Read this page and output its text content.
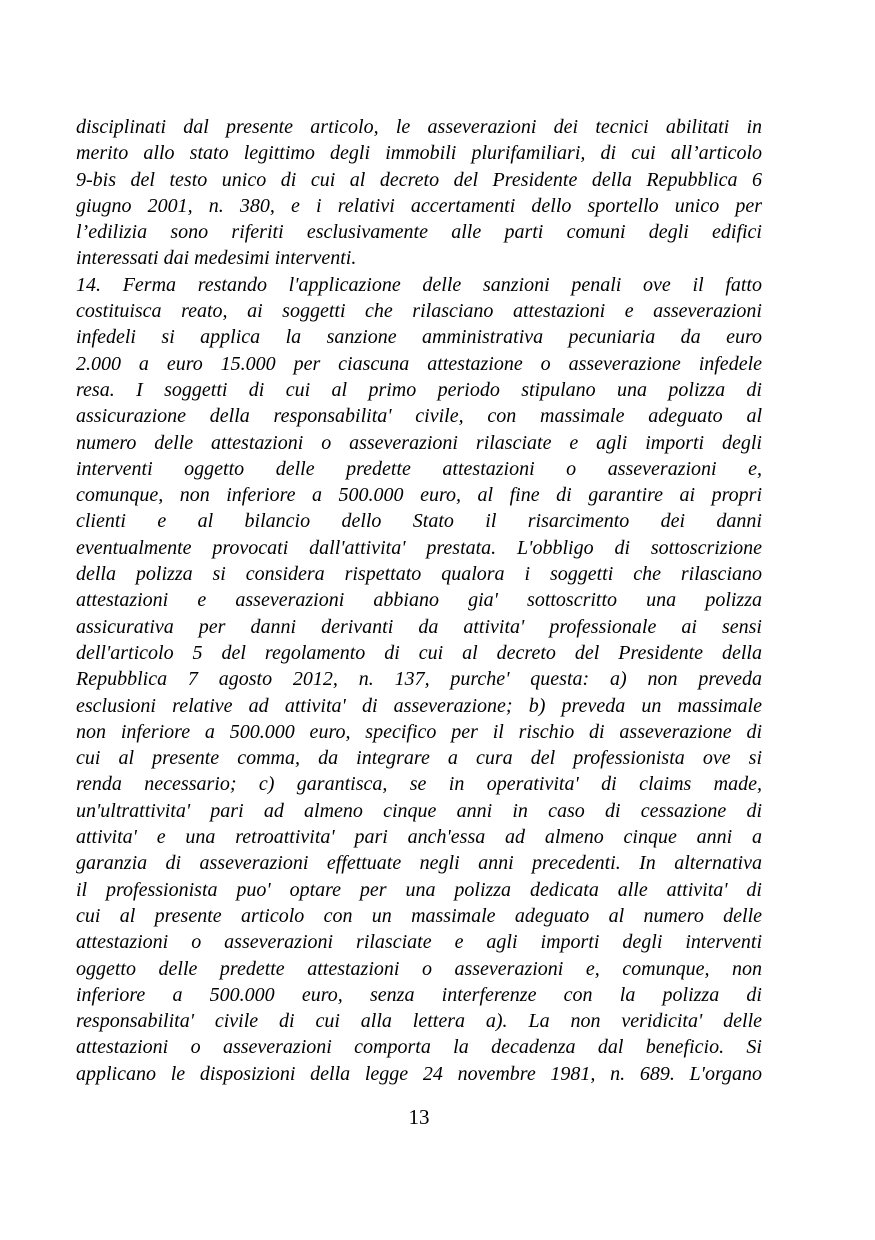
disciplinati dal presente articolo, le asseverazioni dei tecnici abilitati in
merito allo stato legittimo degli immobili plurifamiliari, di cui all’articolo
9-bis del testo unico di cui al decreto del Presidente della Repubblica 6
giugno 2001, n. 380, e i relativi accertamenti dello sportello unico per
l’edilizia sono riferiti esclusivamente alle parti comuni degli edifici
interessati dai medesimi interventi.
14. Ferma restando l'applicazione delle sanzioni penali ove il fatto
costituisca reato, ai soggetti che rilasciano attestazioni e asseverazioni
infedeli si applica la sanzione amministrativa pecuniaria da euro
2.000 a euro 15.000 per ciascuna attestazione o asseverazione infedele
resa. I soggetti di cui al primo periodo stipulano una polizza di
assicurazione della responsabilita' civile, con massimale adeguato al
numero delle attestazioni o asseverazioni rilasciate e agli importi degli
interventi oggetto delle predette attestazioni o asseverazioni e,
comunque, non inferiore a 500.000 euro, al fine di garantire ai propri
clienti e al bilancio dello Stato il risarcimento dei danni
eventualmente provocati dall'attivita' prestata. L'obbligo di sottoscrizione
della polizza si considera rispettato qualora i soggetti che rilasciano
attestazioni e asseverazioni abbiano gia' sottoscritto una polizza
assicurativa per danni derivanti da attivita' professionale ai sensi
dell'articolo 5 del regolamento di cui al decreto del Presidente della
Repubblica 7 agosto 2012, n. 137, purche' questa: a) non preveda
esclusioni relative ad attivita' di asseverazione; b) preveda un massimale
non inferiore a 500.000 euro, specifico per il rischio di asseverazione di
cui al presente comma, da integrare a cura del professionista ove si
renda necessario; c) garantisca, se in operativita' di claims made,
un'ultrattivita' pari ad almeno cinque anni in caso di cessazione di
attivita' e una retroattivita' pari anch'essa ad almeno cinque anni a
garanzia di asseverazioni effettuate negli anni precedenti. In alternativa
il professionista puo' optare per una polizza dedicata alle attivita' di
cui al presente articolo con un massimale adeguato al numero delle
attestazioni o asseverazioni rilasciate e agli importi degli interventi
oggetto delle predette attestazioni o asseverazioni e, comunque, non
inferiore a 500.000 euro, senza interferenze con la polizza di
responsabilita' civile di cui alla lettera a). La non veridicita' delle
attestazioni o asseverazioni comporta la decadenza dal beneficio. Si
applicano le disposizioni della legge 24 novembre 1981, n. 689. L'organo
13
